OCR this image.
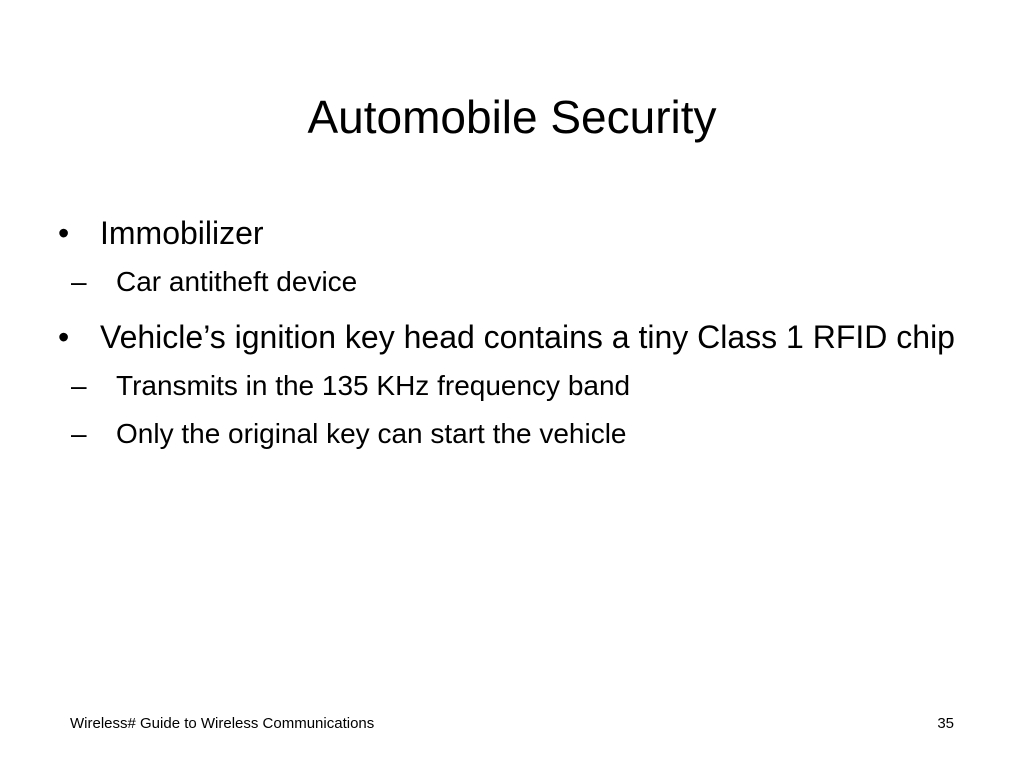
Automobile Security
• Immobilizer
–	Car antitheft device
• Vehicle’s ignition key head contains a tiny Class 1 RFID chip
–	Transmits in the 135 KHz frequency band
–	Only the original key can start the vehicle
Wireless# Guide to Wireless Communications	35
